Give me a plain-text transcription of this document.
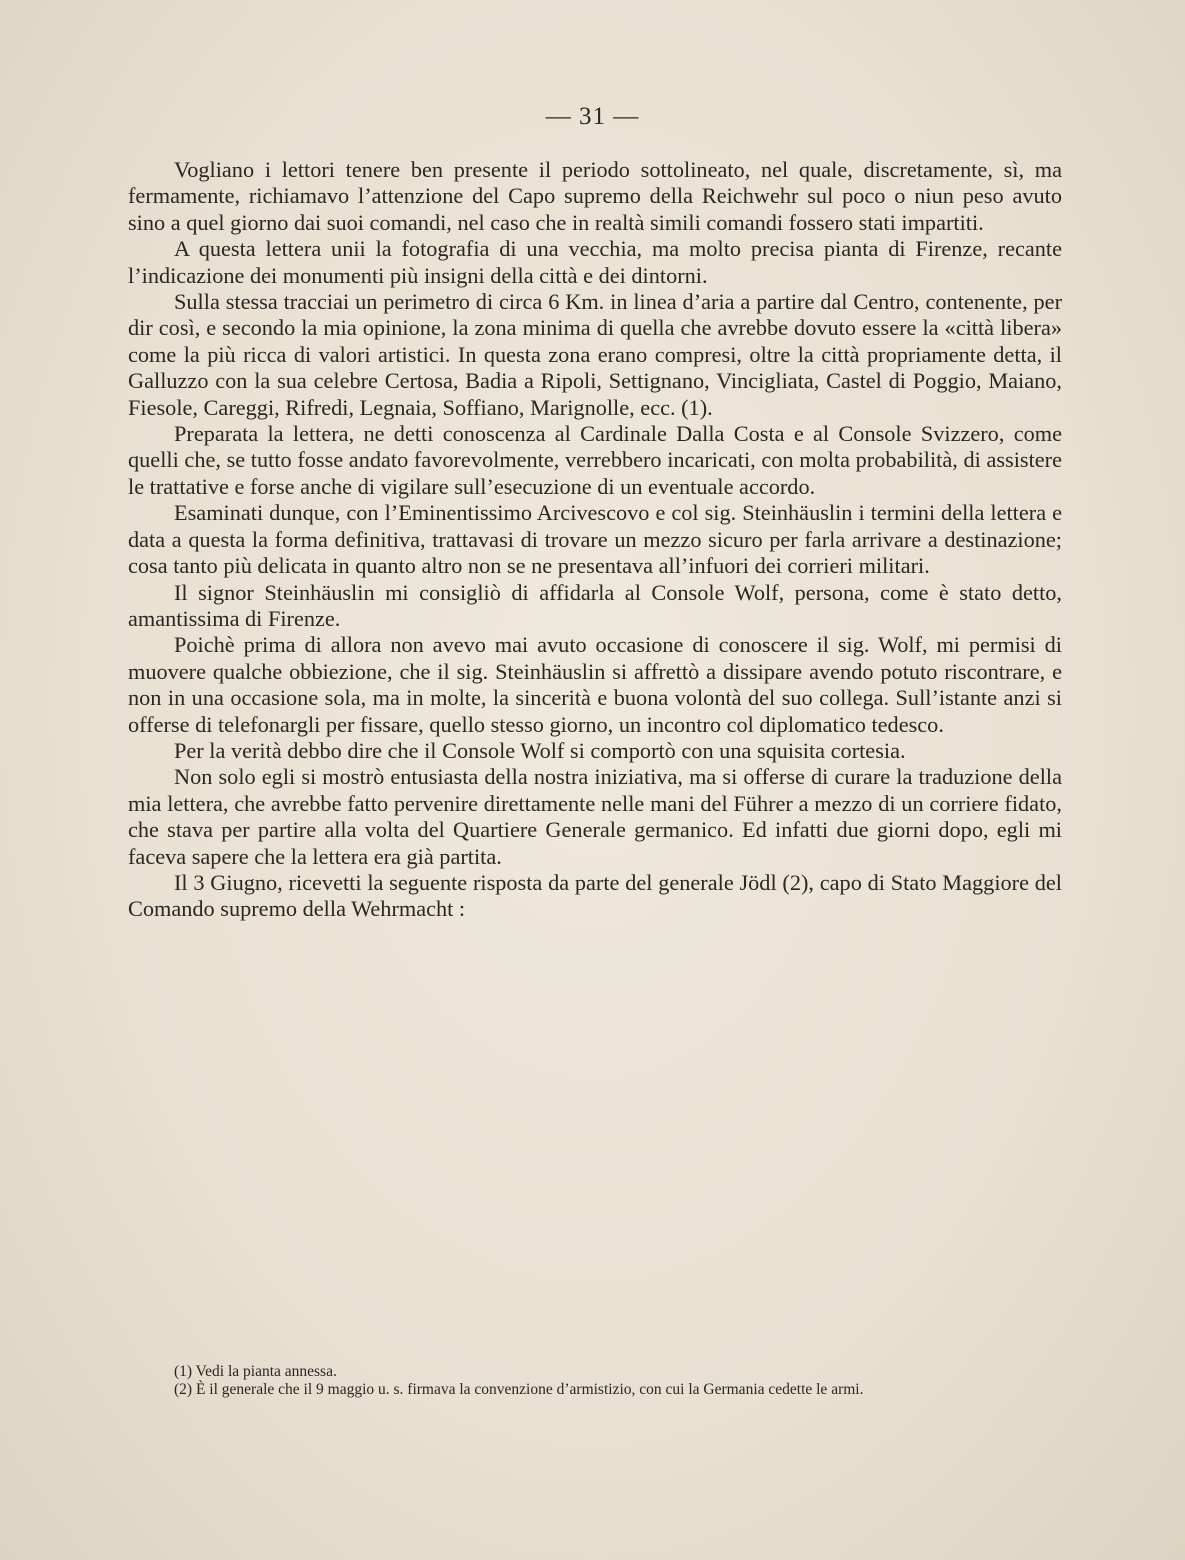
— 31 —

Vogliano i lettori tenere ben presente il periodo sottolineato, nel quale, discretamente, sì, ma fermamente, richiamavo l’attenzione del Capo supremo della Reichwehr sul poco o niun peso avuto sino a quel giorno dai suoi comandi, nel caso che in realtà simili comandi fossero stati impartiti.

A questa lettera unii la fotografia di una vecchia, ma molto precisa pianta di Firenze, recante l’indicazione dei monumenti più insigni della città e dei dintorni.

Sulla stessa tracciai un perimetro di circa 6 Km. in linea d’aria a partire dal Centro, contenente, per dir così, e secondo la mia opinione, la zona minima di quella che avrebbe dovuto essere la «città libera» come la più ricca di valori artistici. In questa zona erano compresi, oltre la città propriamente detta, il Galluzzo con la sua celebre Certosa, Badia a Ripoli, Settignano, Vincigliata, Castel di Poggio, Maiano, Fiesole, Careggi, Rifredi, Legnaia, Soffiano, Marignolle, ecc. (1).

Preparata la lettera, ne detti conoscenza al Cardinale Dalla Costa e al Console Svizzero, come quelli che, se tutto fosse andato favorevolmente, verrebbero incaricati, con molta probabilità, di assistere le trattative e forse anche di vigilare sull’esecuzione di un eventuale accordo.

Esaminati dunque, con l’Eminentissimo Arcivescovo e col sig. Steinhäuslin i termini della lettera e data a questa la forma definitiva, trattavasi di trovare un mezzo sicuro per farla arrivare a destinazione; cosa tanto più delicata in quanto altro non se ne presentava all’infuori dei corrieri militari.

Il signor Steinhäuslin mi consigliò di affidarla al Console Wolf, persona, come è stato detto, amantissima di Firenze.

Poichè prima di allora non avevo mai avuto occasione di conoscere il sig. Wolf, mi permisi di muovere qualche obbiezione, che il sig. Steinhäuslin si affrettò a dissipare avendo potuto riscontrare, e non in una occasione sola, ma in molte, la sincerità e buona volontà del suo collega. Sull’istante anzi si offerse di telefonargli per fissare, quello stesso giorno, un incontro col diplomatico tedesco.

Per la verità debbo dire che il Console Wolf si comportò con una squisita cortesia.

Non solo egli si mostrò entusiasta della nostra iniziativa, ma si offerse di curare la traduzione della mia lettera, che avrebbe fatto pervenire direttamente nelle mani del Führer a mezzo di un corriere fidato, che stava per partire alla volta del Quartiere Generale germanico. Ed infatti due giorni dopo, egli mi faceva sapere che la lettera era già partita.

Il 3 Giugno, ricevetti la seguente risposta da parte del generale Jödl (2), capo di Stato Maggiore del Comando supremo della Wehrmacht :

(1) Vedi la pianta annessa.

(2) È il generale che il 9 maggio u. s. firmava la convenzione d’armistizio, con cui la Germania cedette le armi.
